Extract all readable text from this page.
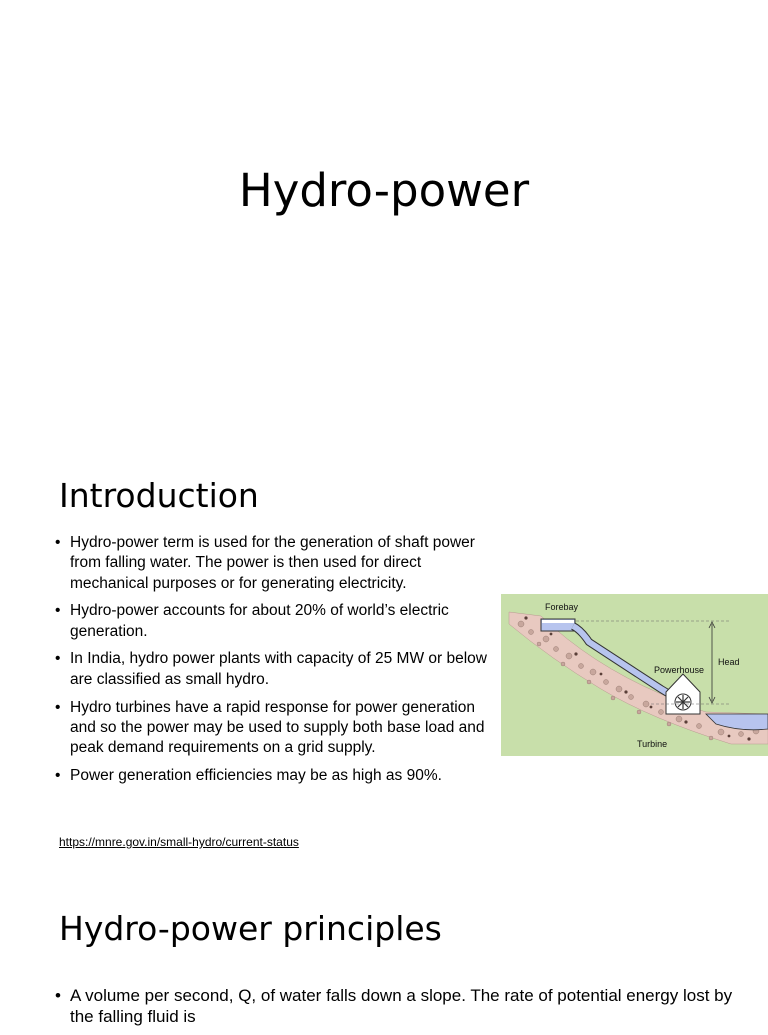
Hydro-power
Introduction
• Hydro-power term is used for the generation of shaft power from falling water. The power is then used for direct mechanical purposes or for generating electricity.
• Hydro-power accounts for about 20% of world’s electric generation.
• In India, hydro power plants with capacity of 25 MW or below are classified as small hydro.
• Hydro turbines have a rapid response for power generation and so the power may be used to supply both base load and peak demand requirements on a grid supply.
• Power generation efficiencies may be as high as 90%.
https://mnre.gov.in/small-hydro/current-status
Forebay
Powerhouse
Head
Turbine
Hydro-power principles
• A volume per second, Q, of water falls down a slope. The rate of potential energy lost by the falling fluid is
